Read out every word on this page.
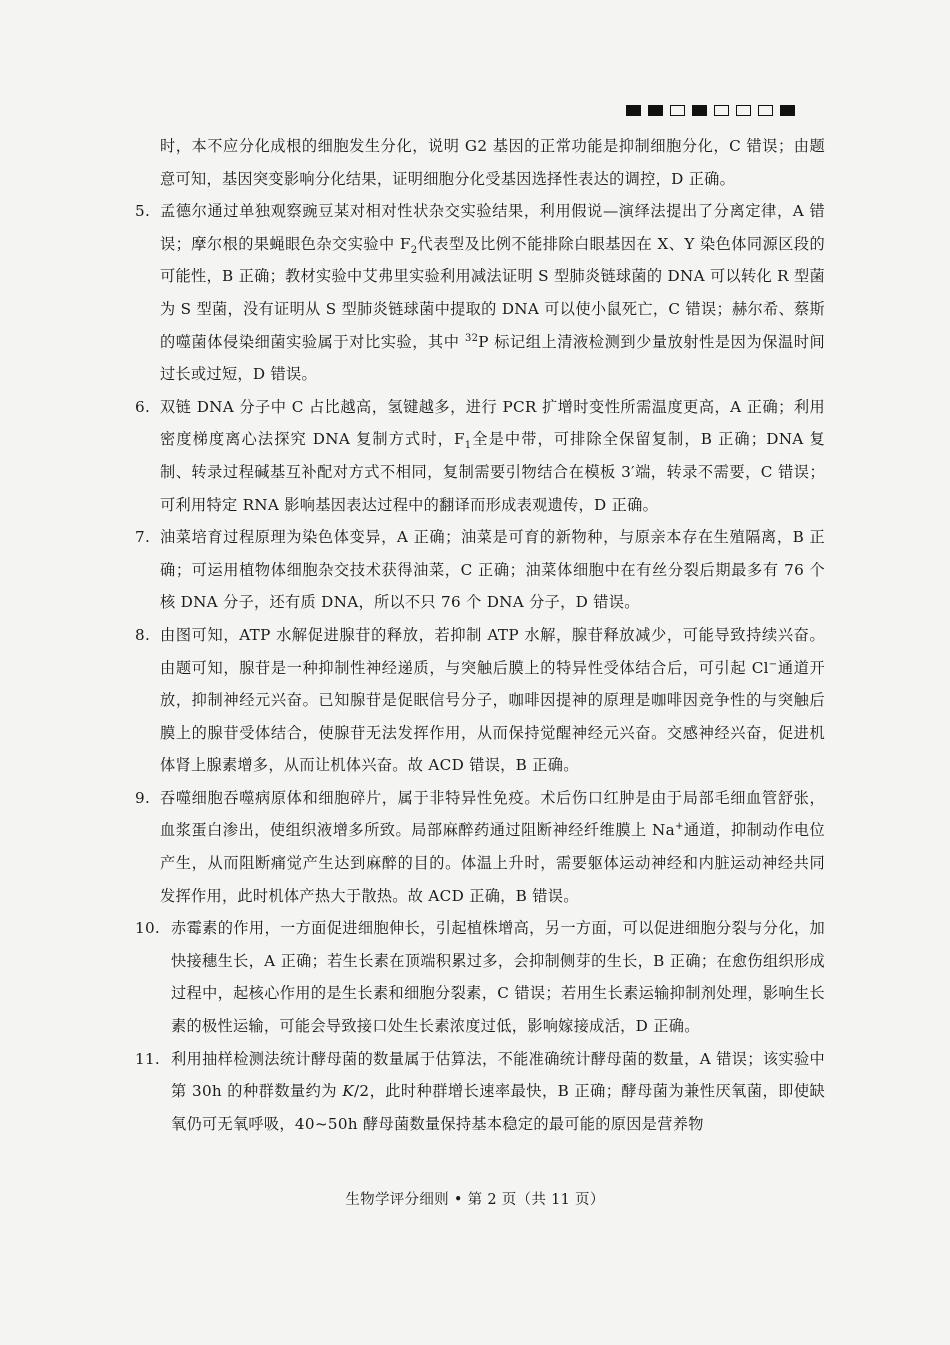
时，本不应分化成根的细胞发生分化，说明 G2 基因的正常功能是抑制细胞分化，C 错误；由题意可知，基因突变影响分化结果，证明细胞分化受基因选择性表达的调控，D 正确。
5. 孟德尔通过单独观察豌豆某对相对性状杂交实验结果，利用假说—演绎法提出了分离定律，A 错误；摩尔根的果蝇眼色杂交实验中 $F_2$代表型及比例不能排除白眼基因在 X、Y 染色体同源区段的可能性，B 正确；教材实验中艾弗里实验利用减法证明 S 型肺炎链球菌的 DNA 可以转化 R 型菌为 S 型菌，没有证明从 S 型肺炎链球菌中提取的 DNA 可以使小鼠死亡，C 错误；赫尔希、蔡斯的噬菌体侵染细菌实验属于对比实验，其中 $^{32}$P 标记组上清液检测到少量放射性是因为保温时间过长或过短，D 错误。
6. 双链 DNA 分子中 C 占比越高，氢键越多，进行 PCR 扩增时变性所需温度更高，A 正确；利用密度梯度离心法探究 DNA 复制方式时，$F_1$全是中带，可排除全保留复制，B 正确；DNA 复制、转录过程碱基互补配对方式不相同，复制需要引物结合在模板 3′端，转录不需要，C 错误；可利用特定 RNA 影响基因表达过程中的翻译而形成表观遗传，D 正确。
7. 油菜培育过程原理为染色体变异，A 正确；油菜是可育的新物种，与原亲本存在生殖隔离，B 正确；可运用植物体细胞杂交技术获得油菜，C 正确；油菜体细胞中在有丝分裂后期最多有 76 个核 DNA 分子，还有质 DNA，所以不只 76 个 DNA 分子，D 错误。
8. 由图可知，ATP 水解促进腺苷的释放，若抑制 ATP 水解，腺苷释放减少，可能导致持续兴奋。由题可知，腺苷是一种抑制性神经递质，与突触后膜上的特异性受体结合后，可引起 Cl−通道开放，抑制神经元兴奋。已知腺苷是促眠信号分子，咖啡因提神的原理是咖啡因竞争性的与突触后膜上的腺苷受体结合，使腺苷无法发挥作用，从而保持觉醒神经元兴奋。交感神经兴奋，促进机体肾上腺素增多，从而让机体兴奋。故 ACD 错误，B 正确。
9. 吞噬细胞吞噬病原体和细胞碎片，属于非特异性免疫。术后伤口红肿是由于局部毛细血管舒张，血浆蛋白渗出，使组织液增多所致。局部麻醉药通过阻断神经纤维膜上 Na+通道，抑制动作电位产生，从而阻断痛觉产生达到麻醉的目的。体温上升时，需要躯体运动神经和内脏运动神经共同发挥作用，此时机体产热大于散热。故 ACD 正确，B 错误。
10. 赤霉素的作用，一方面促进细胞伸长，引起植株增高，另一方面，可以促进细胞分裂与分化，加快接穗生长，A 正确；若生长素在顶端积累过多，会抑制侧芽的生长，B 正确；在愈伤组织形成过程中，起核心作用的是生长素和细胞分裂素，C 错误；若用生长素运输抑制剂处理，影响生长素的极性运输，可能会导致接口处生长素浓度过低，影响嫁接成活，D 正确。
11. 利用抽样检测法统计酵母菌的数量属于估算法，不能准确统计酵母菌的数量，A 错误；该实验中第 30h 的种群数量约为 K/2，此时种群增长速率最快，B 正确；酵母菌为兼性厌氧菌，即使缺氧仍可无氧呼吸，40~50h 酵母菌数量保持基本稳定的最可能的原因是营养物
生物学评分细则 • 第 2 页（共 11 页）
